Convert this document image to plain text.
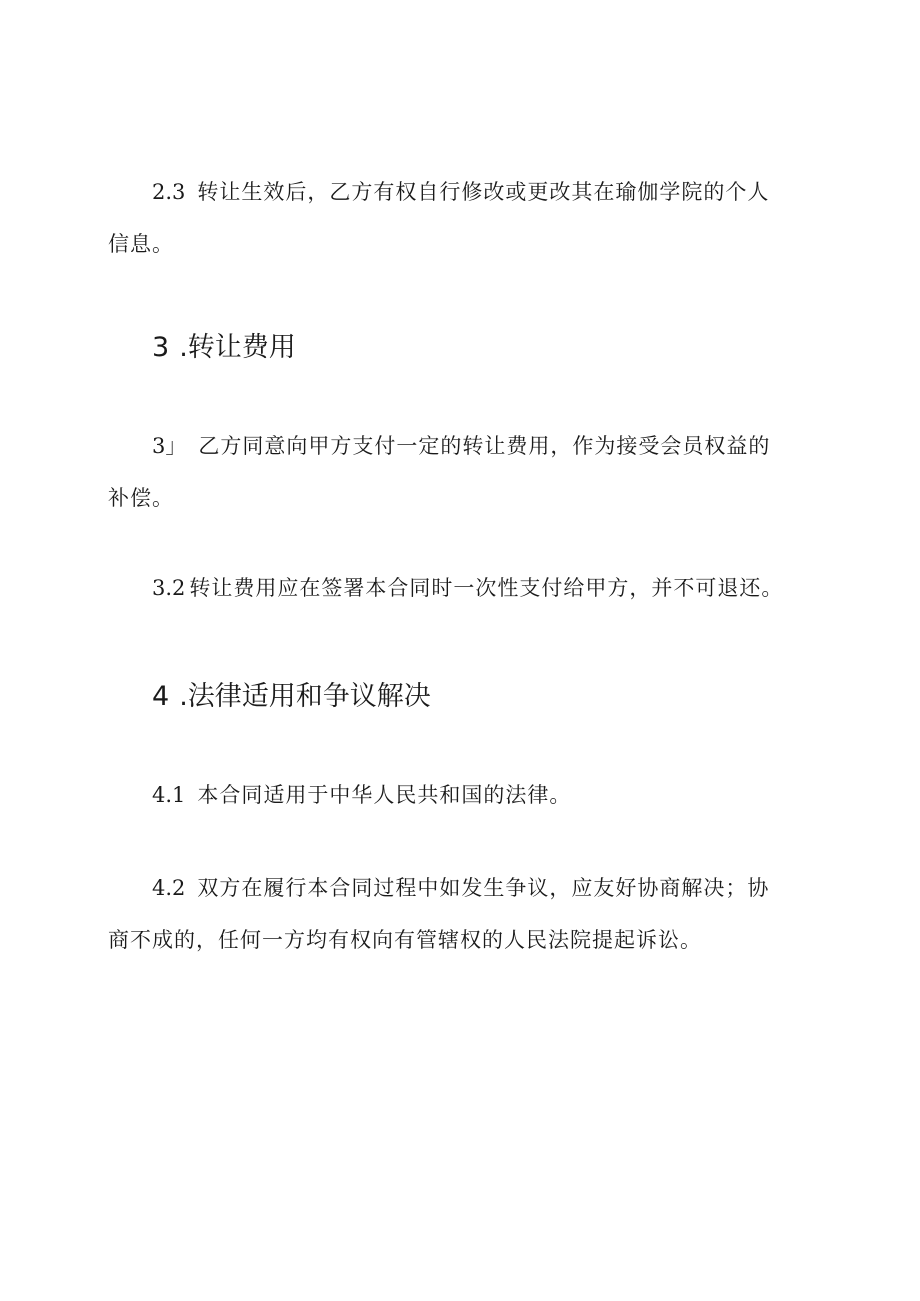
2.3 转让生效后，乙方有权自行修改或更改其在瑜伽学院的个人信息。

3 .转让费用

3」 乙方同意向甲方支付一定的转让费用，作为接受会员权益的补偿。

3.2 转让费用应在签署本合同时一次性支付给甲方，并不可退还。

4 .法律适用和争议解决

4.1 本合同适用于中华人民共和国的法律。

4.2 双方在履行本合同过程中如发生争议，应友好协商解决；协商不成的，任何一方均有权向有管辖权的人民法院提起诉讼。
